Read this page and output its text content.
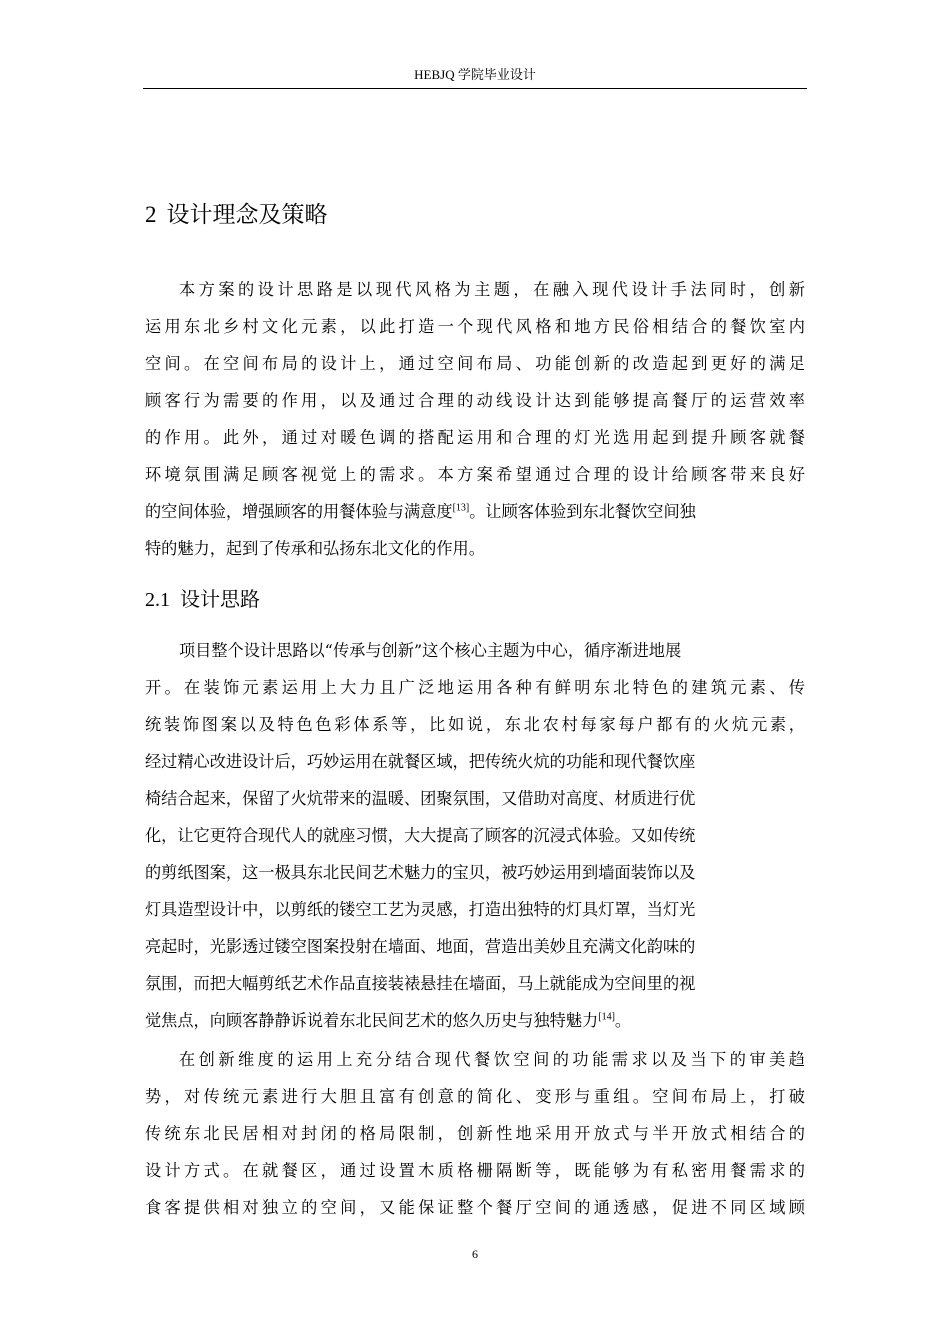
HEBJQ 学院毕业设计
2 设计理念及策略
本方案的设计思路是以现代风格为主题，在融入现代设计手法同时，创新
运用东北乡村文化元素，以此打造一个现代风格和地方民俗相结合的餐饮室内
空间。在空间布局的设计上，通过空间布局、功能创新的改造起到更好的满足
顾客行为需要的作用，以及通过合理的动线设计达到能够提高餐厅的运营效率
的作用。此外，通过对暖色调的搭配运用和合理的灯光选用起到提升顾客就餐
环境氛围满足顾客视觉上的需求。本方案希望通过合理的设计给顾客带来良好
的空间体验，增强顾客的用餐体验与满意度[13]。让顾客体验到东北餐饮空间独
特的魅力，起到了传承和弘扬东北文化的作用。
2.1 设计思路
项目整个设计思路以“传承与创新”这个核心主题为中心，循序渐进地展
开。在装饰元素运用上大力且广泛地运用各种有鲜明东北特色的建筑元素、传
统装饰图案以及特色色彩体系等，比如说，东北农村每家每户都有的火炕元素，
经过精心改进设计后，巧妙运用在就餐区域，把传统火炕的功能和现代餐饮座
椅结合起来，保留了火炕带来的温暖、团聚氛围，又借助对高度、材质进行优
化，让它更符合现代人的就座习惯，大大提高了顾客的沉浸式体验。又如传统
的剪纸图案，这一极具东北民间艺术魅力的宝贝，被巧妙运用到墙面装饰以及
灯具造型设计中，以剪纸的镂空工艺为灵感，打造出独特的灯具灯罩，当灯光
亮起时，光影透过镂空图案投射在墙面、地面，营造出美妙且充满文化韵味的
氛围，而把大幅剪纸艺术作品直接装裱悬挂在墙面，马上就能成为空间里的视
觉焦点，向顾客静静诉说着东北民间艺术的悠久历史与独特魅力[14]。
在创新维度的运用上充分结合现代餐饮空间的功能需求以及当下的审美趋
势，对传统元素进行大胆且富有创意的简化、变形与重组。空间布局上，打破
传统东北民居相对封闭的格局限制，创新性地采用开放式与半开放式相结合的
设计方式。在就餐区，通过设置木质格栅隔断等，既能够为有私密用餐需求的
食客提供相对独立的空间，又能保证整个餐厅空间的通透感，促进不同区域顾
6
